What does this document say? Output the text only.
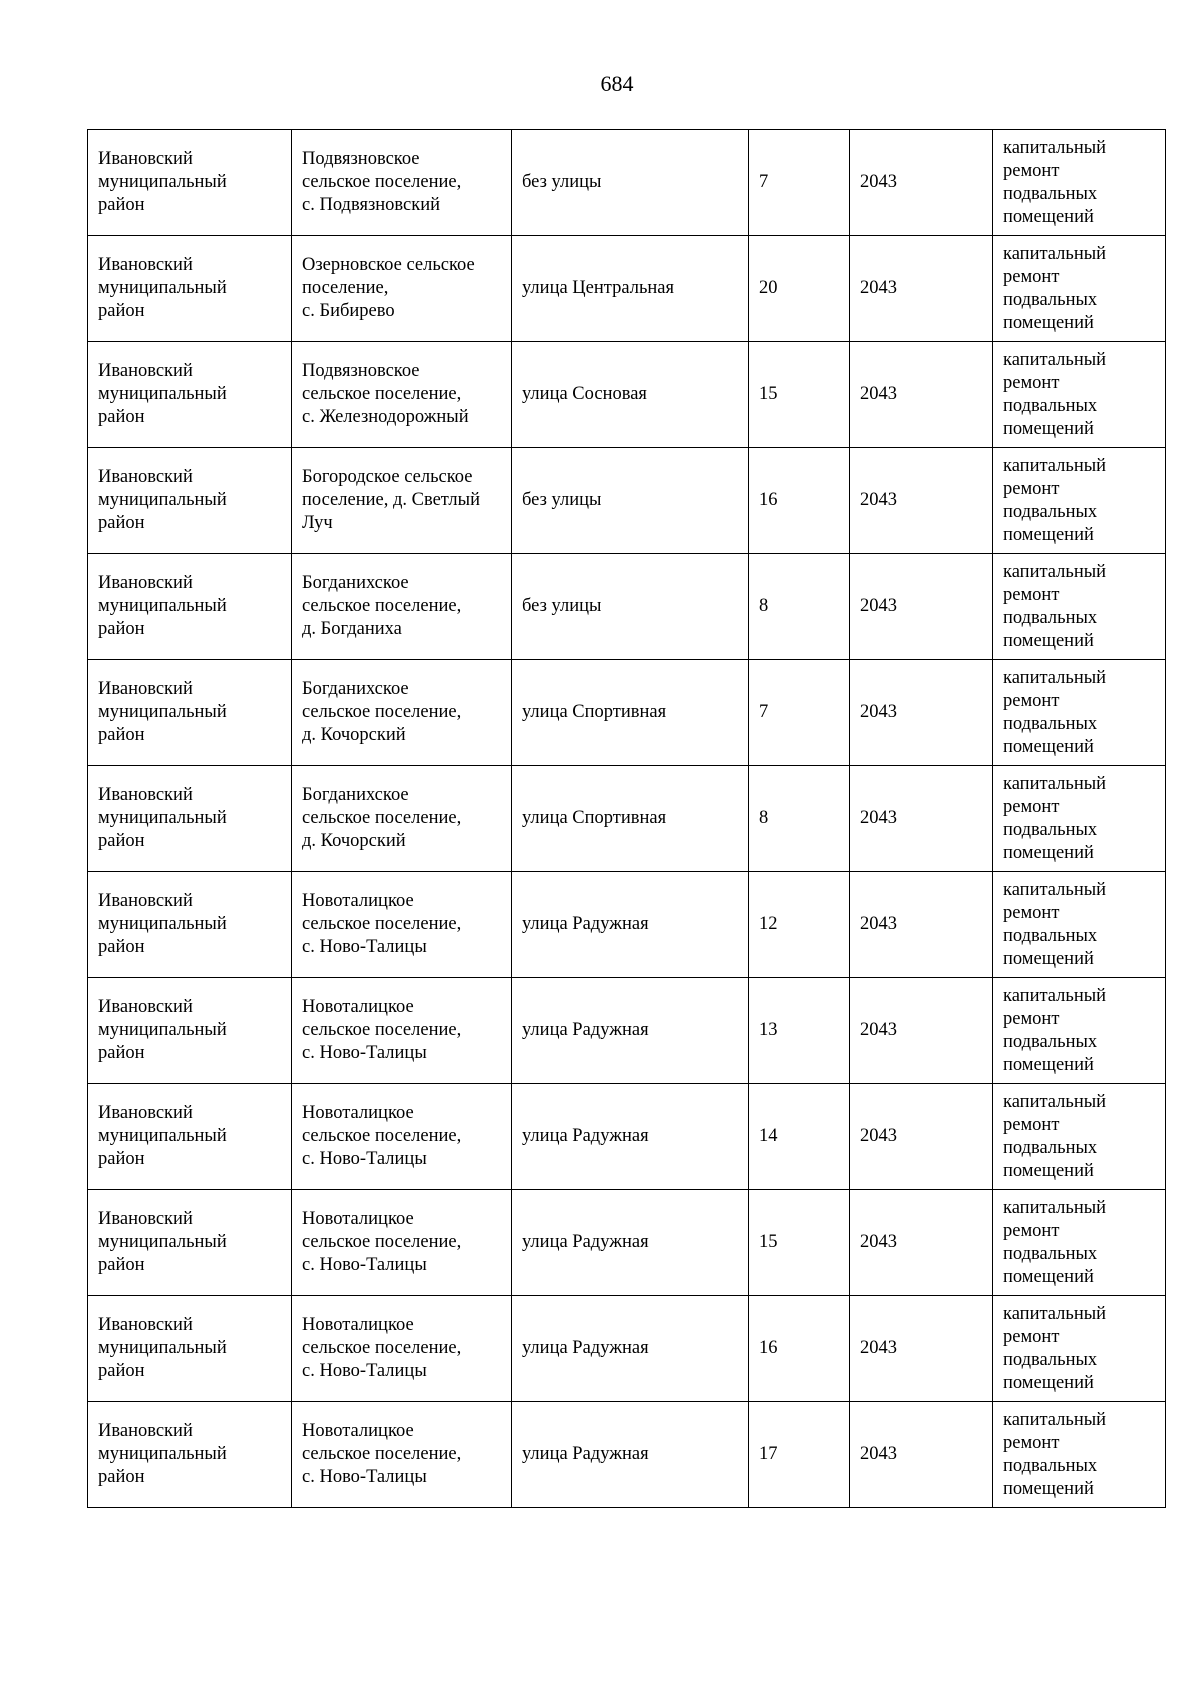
684
Ивановский
муниципальный
район	Подвязновское
сельское поселение,
с. Подвязновский	без улицы	7	2043	капитальный
ремонт
подвальных
помещений
Ивановский
муниципальный
район	Озерновское сельское
поселение,
с. Бибирево	улица Центральная	20	2043	капитальный
ремонт
подвальных
помещений
Ивановский
муниципальный
район	Подвязновское
сельское поселение,
с. Железнодорожный	улица Сосновая	15	2043	капитальный
ремонт
подвальных
помещений
Ивановский
муниципальный
район	Богородское сельское
поселение, д. Светлый
Луч	без улицы	16	2043	капитальный
ремонт
подвальных
помещений
Ивановский
муниципальный
район	Богданихское
сельское поселение,
д. Богданиха	без улицы	8	2043	капитальный
ремонт
подвальных
помещений
Ивановский
муниципальный
район	Богданихское
сельское поселение,
д. Кочорский	улица Спортивная	7	2043	капитальный
ремонт
подвальных
помещений
Ивановский
муниципальный
район	Богданихское
сельское поселение,
д. Кочорский	улица Спортивная	8	2043	капитальный
ремонт
подвальных
помещений
Ивановский
муниципальный
район	Новоталицкое
сельское поселение,
с. Ново-Талицы	улица Радужная	12	2043	капитальный
ремонт
подвальных
помещений
Ивановский
муниципальный
район	Новоталицкое
сельское поселение,
с. Ново-Талицы	улица Радужная	13	2043	капитальный
ремонт
подвальных
помещений
Ивановский
муниципальный
район	Новоталицкое
сельское поселение,
с. Ново-Талицы	улица Радужная	14	2043	капитальный
ремонт
подвальных
помещений
Ивановский
муниципальный
район	Новоталицкое
сельское поселение,
с. Ново-Талицы	улица Радужная	15	2043	капитальный
ремонт
подвальных
помещений
Ивановский
муниципальный
район	Новоталицкое
сельское поселение,
с. Ново-Талицы	улица Радужная	16	2043	капитальный
ремонт
подвальных
помещений
Ивановский
муниципальный
район	Новоталицкое
сельское поселение,
с. Ново-Талицы	улица Радужная	17	2043	капитальный
ремонт
подвальных
помещений
